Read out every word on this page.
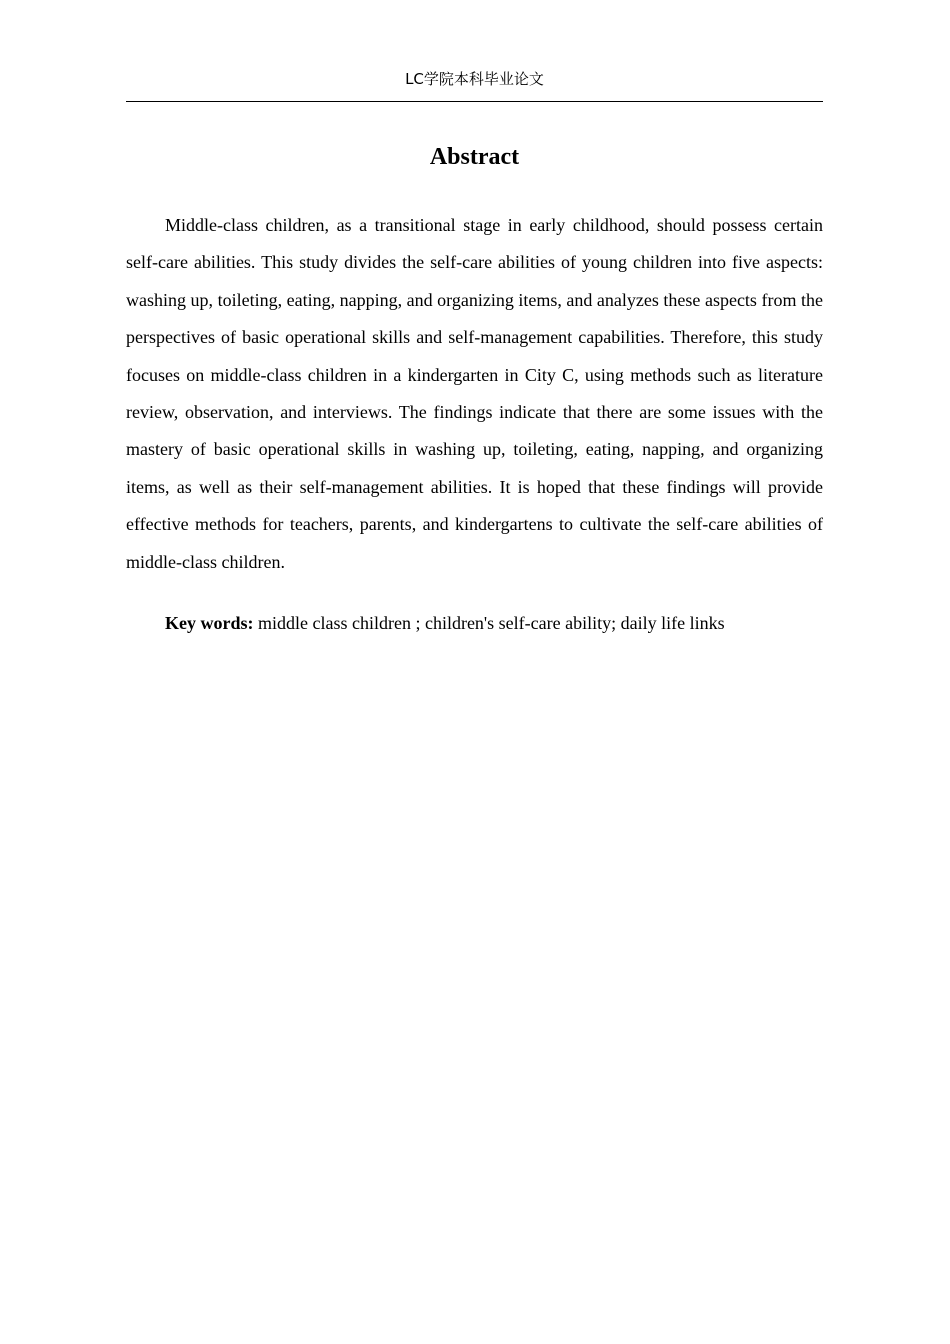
LC学院本科毕业论文
Abstract

Middle-class children, as a transitional stage in early childhood, should possess certain self-care abilities. This study divides the self-care abilities of young children into five aspects: washing up, toileting, eating, napping, and organizing items, and analyzes these aspects from the perspectives of basic operational skills and self-management capabilities. Therefore, this study focuses on middle-class children in a kindergarten in City C, using methods such as literature review, observation, and interviews. The findings indicate that there are some issues with the mastery of basic operational skills in washing up, toileting, eating, napping, and organizing items, as well as their self-management abilities. It is hoped that these findings will provide effective methods for teachers, parents, and kindergartens to cultivate the self-care abilities of middle-class children.

Key words: middle class children ; children's self-care ability; daily life links
